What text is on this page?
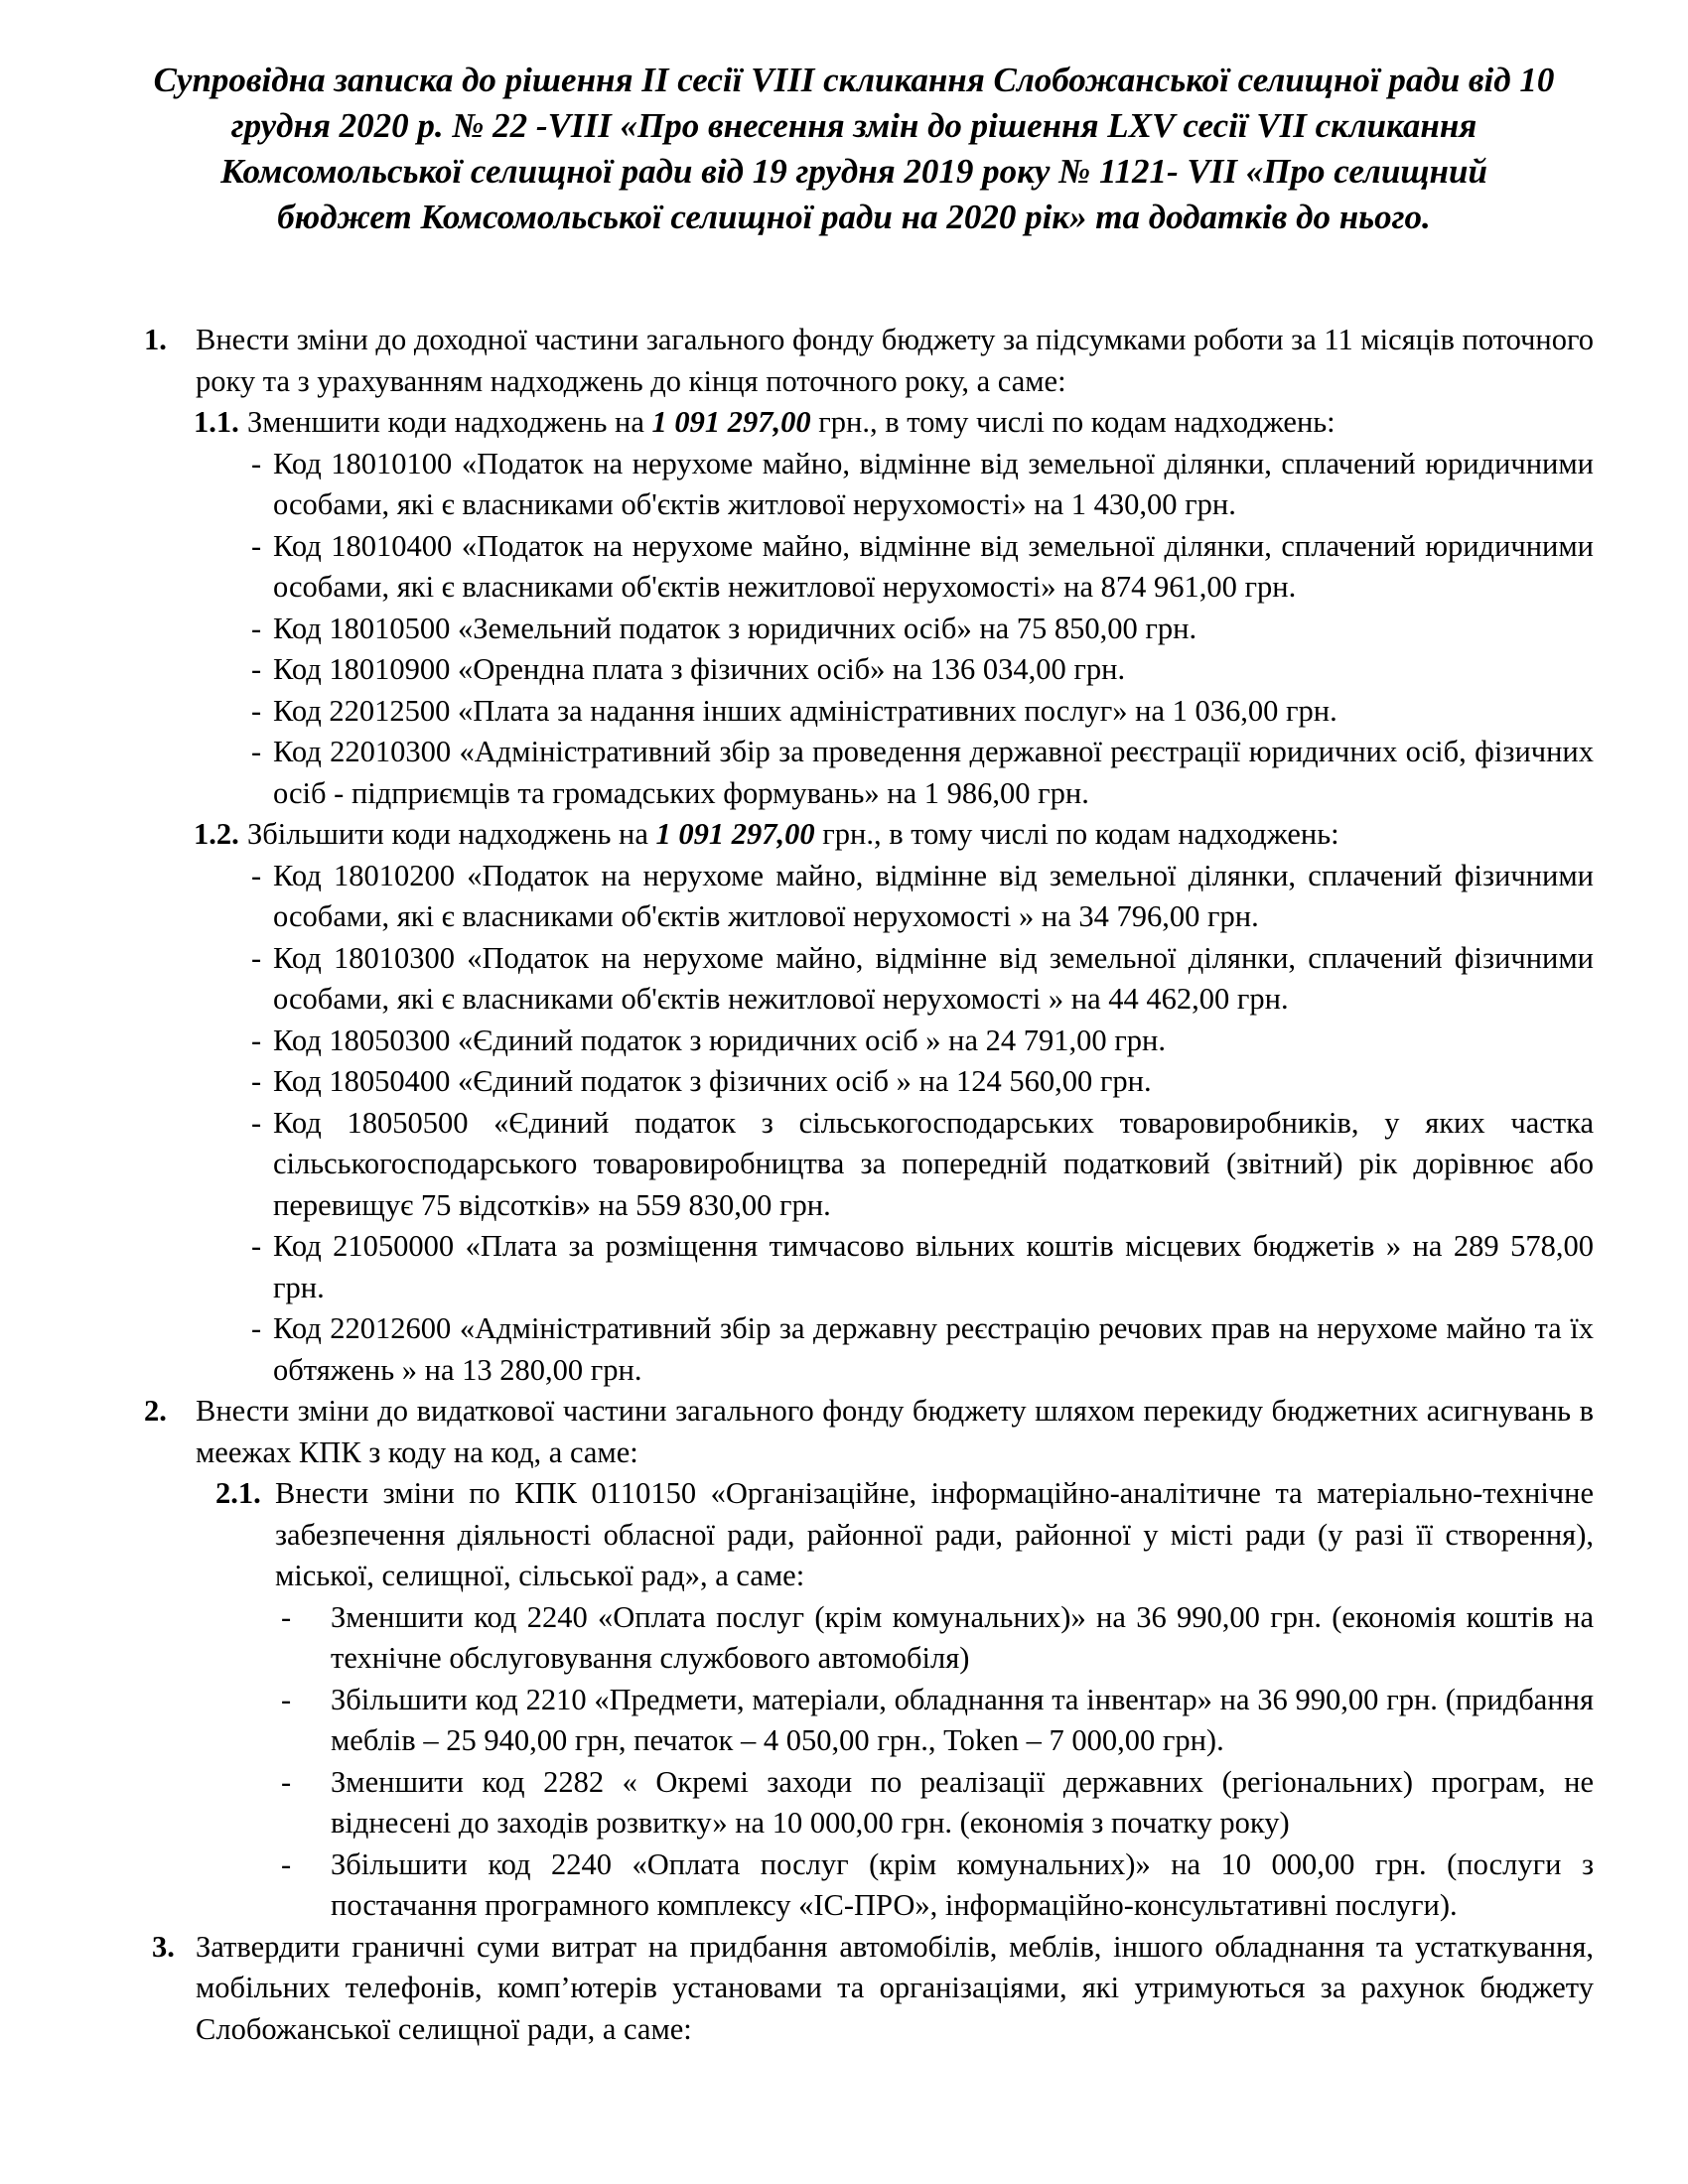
Супровідна записка до рішення II сесії VIII скликання Слобожанської селищної ради від 10 грудня 2020 р. № 22 -VIII «Про внесення змін до рішення LXV сесії VII скликання Комсомольської селищної ради від 19 грудня 2019 року № 1121- VII «Про селищний бюджет Комсомольської селищної ради на 2020 рік» та додатків до нього.
1. Внести зміни до доходної частини загального фонду бюджету за підсумками роботи за 11 місяців поточного року та з урахуванням надходжень до кінця поточного року, а саме:
1.1. Зменшити коди надходжень на 1 091 297,00 грн., в тому числі по кодам надходжень:
- Код 18010100 «Податок на нерухоме майно, відмінне від земельної ділянки, сплачений юридичними особами, які є власниками об'єктів житлової нерухомості» на 1 430,00 грн.
- Код 18010400 «Податок на нерухоме майно, відмінне від земельної ділянки, сплачений юридичними особами, які є власниками об'єктів нежитлової нерухомості» на 874 961,00 грн.
- Код 18010500 «Земельний податок з юридичних осіб» на 75 850,00 грн.
- Код 18010900 «Орендна плата з фізичних осіб» на 136 034,00 грн.
- Код 22012500 «Плата за надання інших адміністративних послуг» на 1 036,00 грн.
- Код 22010300 «Адміністративний збір за проведення державної реєстрації юридичних осіб, фізичних осіб - підприємців та громадських формувань» на 1 986,00 грн.
1.2. Збільшити коди надходжень на 1 091 297,00 грн., в тому числі по кодам надходжень:
- Код 18010200 «Податок на нерухоме майно, відмінне від земельної ділянки, сплачений фізичними особами, які є власниками об'єктів житлової нерухомості » на 34 796,00 грн.
- Код 18010300 «Податок на нерухоме майно, відмінне від земельної ділянки, сплачений фізичними особами, які є власниками об'єктів нежитлової нерухомості » на 44 462,00 грн.
- Код 18050300 «Єдиний податок з юридичних осіб » на 24 791,00 грн.
- Код 18050400 «Єдиний податок з фізичних осіб » на 124 560,00 грн.
- Код 18050500 «Єдиний податок з сільськогосподарських товаровиробників, у яких частка сільськогосподарського товаровиробництва за попередній податковий (звітний) рік дорівнює або перевищує 75 відсотків» на 559 830,00 грн.
- Код 21050000 «Плата за розміщення тимчасово вільних коштів місцевих бюджетів » на 289 578,00 грн.
- Код 22012600 «Адміністративний збір за державну реєстрацію речових прав на нерухоме майно та їх обтяжень » на 13 280,00 грн.
2. Внести зміни до видаткової частини загального фонду бюджету шляхом перекиду бюджетних асигнувань в меежах КПК з коду на код, а саме:
2.1. Внести зміни по КПК 0110150 «Організаційне, інформаційно-аналітичне та матеріально-технічне забезпечення діяльності обласної ради, районної ради, районної у місті ради (у разі її створення), міської, селищної, сільської рад», а саме:
- Зменшити код 2240 «Оплата послуг (крім комунальних)» на 36 990,00 грн. (економія коштів на технічне обслуговування службового автомобіля)
- Збільшити код 2210 «Предмети, матеріали, обладнання та інвентар» на 36 990,00 грн. (придбання меблів – 25 940,00 грн, печаток – 4 050,00 грн., Token – 7 000,00 грн).
- Зменшити код 2282 « Окремі заходи по реалізації державних (регіональних) програм, не віднесені до заходів розвитку» на 10 000,00 грн. (економія з початку року)
- Збільшити код 2240 «Оплата послуг (крім комунальних)» на 10 000,00 грн. (послуги з постачання програмного комплексу «ІС-ПРО», інформаційно-консультативні послуги).
3. Затвердити граничні суми витрат на придбання автомобілів, меблів, іншого обладнання та устаткування, мобільних телефонів, комп’ютерів установами та організаціями, які утримуються за рахунок бюджету Слобожанської селищної ради, а саме:
